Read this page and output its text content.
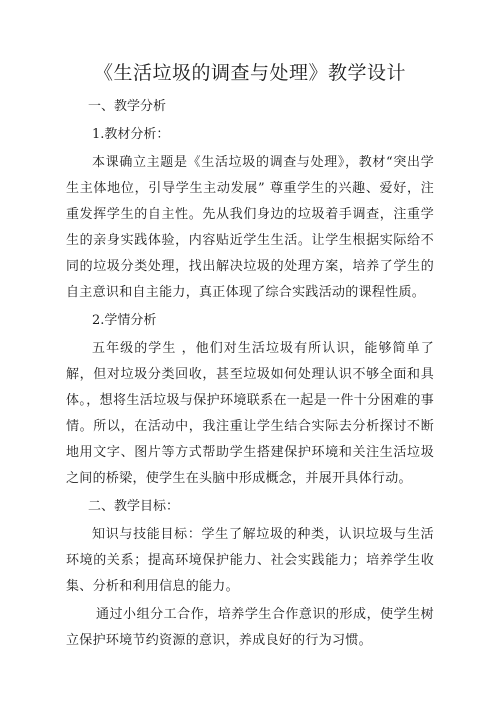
《生活垃圾的调查与处理》教学设计

一、教学分析

1.教材分析：

本课确立主题是《生活垃圾的调查与处理》，教材“突出学生主体地位，引导学生主动发展” 尊重学生的兴趣、爱好，注重发挥学生的自主性。先从我们身边的垃圾着手调查，注重学生的亲身实践体验，内容贴近学生生活。让学生根据实际给不同的垃圾分类处理，找出解决垃圾的处理方案，培养了学生的自主意识和自主能力，真正体现了综合实践活动的课程性质。

2.学情分析

五年级的学生 ，他们对生活垃圾有所认识，能够简单了解，但对垃圾分类回收，甚至垃圾如何处理认识不够全面和具体。，想将生活垃圾与保护环境联系在一起是一件十分困难的事情。所以，在活动中，我注重让学生结合实际去分析探讨不断地用文字、图片等方式帮助学生搭建保护环境和关注生活垃圾之间的桥梁，使学生在头脑中形成概念，并展开具体行动。

二、教学目标：

知识与技能目标：学生了解垃圾的种类，认识垃圾与生活环境的关系；提高环境保护能力、社会实践能力；培养学生收集、分析和利用信息的能力。

通过小组分工合作，培养学生合作意识的形成，使学生树立保护环境节约资源的意识，养成良好的行为习惯。
